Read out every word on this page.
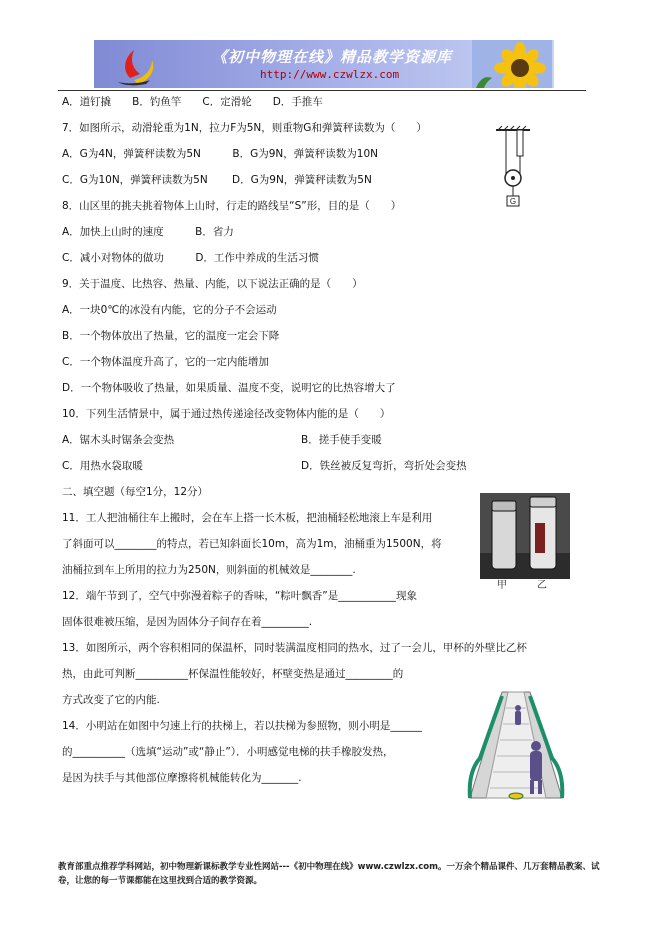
《初中物理在线》精品教学资源库
http://www.czwlzx.com
A．道钉撬　　B．钓鱼竿　　C．定滑轮　　D．手推车
7．如图所示，动滑轮重为1N，拉力F为5N，则重物G和弹簧秤读数为（　　）
A．G为4N，弹簧秤读数为5N　　　B．G为9N，弹簧秤读数为10N
C．G为10N，弹簧秤读数为5N　　 D．G为9N，弹簧秤读数为5N
8．山区里的挑夫挑着物体上山时，行走的路线呈“S”形，目的是（　　）
A．加快上山时的速度　　　B．省力
C．减小对物体的做功　　　D．工作中养成的生活习惯
9．关于温度、比热容、热量、内能，以下说法正确的是（　　）
A．一块0℃的冰没有内能，它的分子不会运动
B．一个物体放出了热量，它的温度一定会下降
C．一个物体温度升高了，它的一定内能增加
D．一个物体吸收了热量，如果质量、温度不变，说明它的比热容增大了
10．下列生活情景中，属于通过热传递途径改变物体内能的是（　　）
A．锯木头时锯条会变热	B．搓手使手变暖
C．用热水袋取暖	D．铁丝被反复弯折，弯折处会变热
二、填空题（每空1分，12分）
11．工人把油桶往车上搬时，会在车上搭一长木板，把油桶轻松地滚上车是利用
了斜面可以________的特点，若已知斜面长10m，高为1m，油桶重为1500N，将
油桶拉到车上所用的拉力为250N，则斜面的机械效是________.
12．端午节到了，空气中弥漫着粽子的香味，“粽叶飘香”是___________现象
固体很难被压缩，是因为固体分子间存在着_________.
13．如图所示，两个容积相同的保温杯，同时装满温度相同的热水，过了一会儿，甲杯的外壁比乙杯
热，由此可判断__________杯保温性能较好，杯壁变热是通过_________的
方式改变了它的内能.
14．小明站在如图中匀速上行的扶梯上，若以扶梯为参照物，则小明是______
的__________（选填“运动”或“静止”）．小明感觉电梯的扶手橡胶发热，
是因为扶手与其他部位摩擦将机械能转化为_______.
G
甲	乙
教育部重点推荐学科网站，初中物理新课标教学专业性网站---《初中物理在线》www.czwlzx.com。一万余个精品课件、几万套精品教案、试卷，让您的每一节课都能在这里找到合适的教学资源。
